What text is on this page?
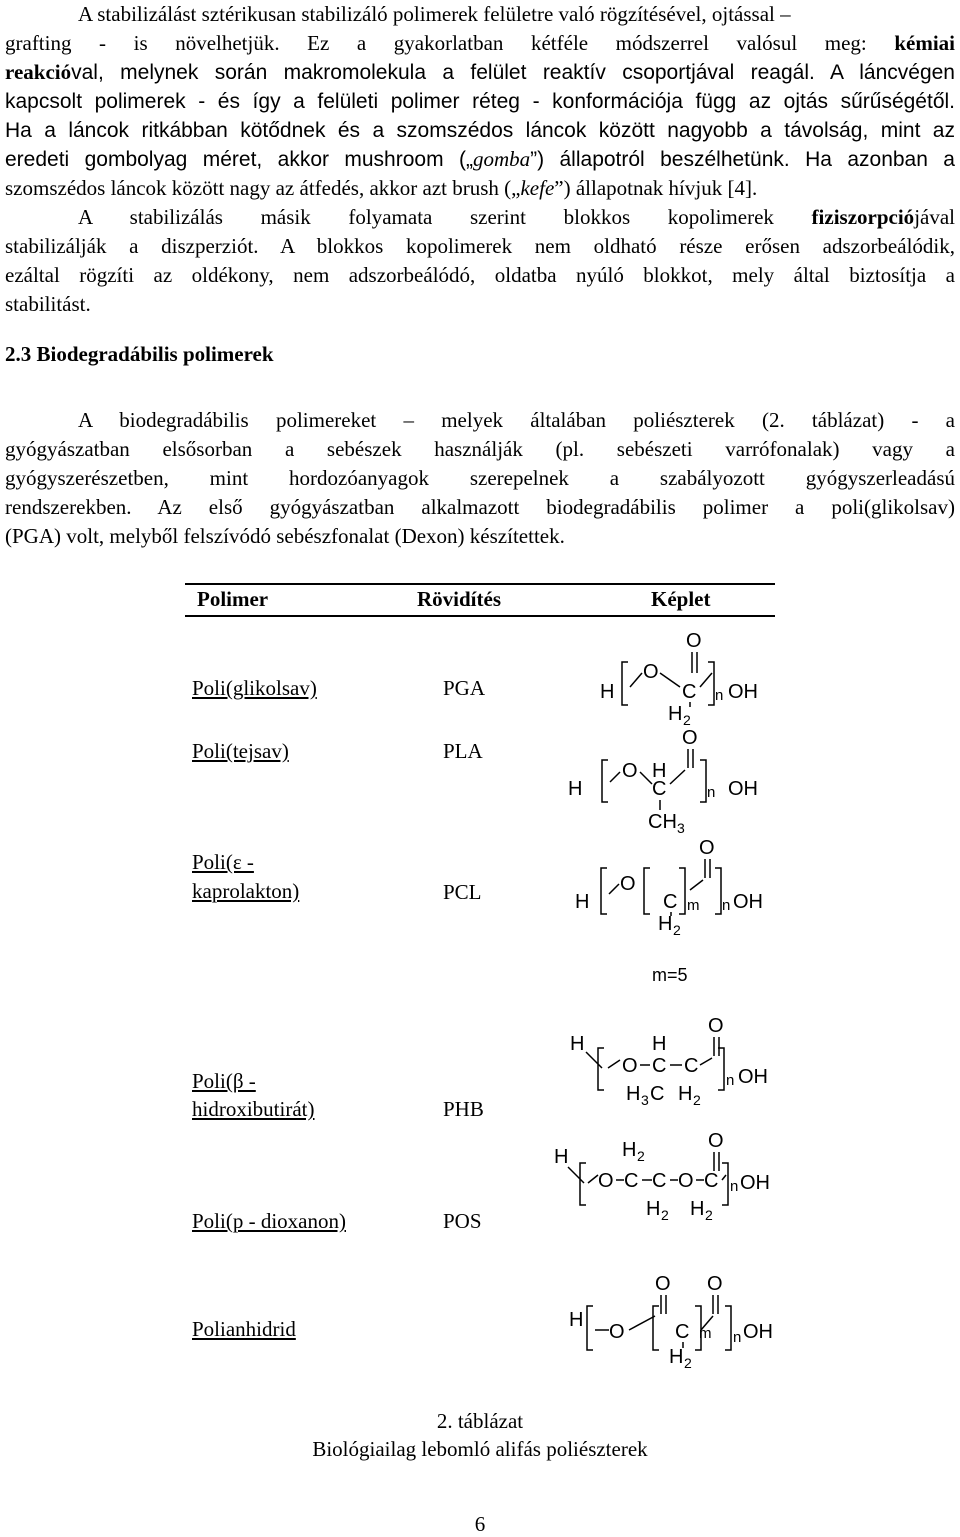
A stabilizálást sztérikusan stabilizáló polimerek felületre való rögzítésével, ojtással –

grafting - is növelhetjük. Ez a gyakorlatban kétféle módszerrel valósul meg: kémiai

reakcióval, melynek során makromolekula a felület reaktív csoportjával reagál. A láncvégen

kapcsolt polimerek - és így a felületi polimer réteg - konformációja függ az ojtás sűrűségétől.

Ha a láncok ritkábban kötődnek és a szomszédos láncok között nagyobb a távolság, mint az

eredeti gombolyag méret, akkor mushroom („gomba”) állapotról beszélhetünk. Ha azonban a

szomszédos láncok között nagy az átfedés, akkor azt brush („kefe”) állapotnak hívjuk [4].

A stabilizálás másik folyamata szerint blokkos kopolimerek fiziszorpciójával

stabilizálják a diszperziót. A blokkos kopolimerek nem oldható része erősen adszorbeálódik,

ezáltal rögzíti az oldékony, nem adszorbeálódó, oldatba nyúló blokkot, mely által biztosítja a

stabilitást.

2.3 Biodegradábilis polimerek

A biodegradábilis polimereket – melyek általában poliészterek (2. táblázat) - a

gyógyászatban elsősorban a sebészek használják (pl. sebészeti varrófonalak) vagy a

gyógyszerészetben, mint hordozóanyagok szerepelnek a szabályozott gyógyszerleadású

rendszerekben. Az első gyógyászatban alkalmazott biodegradábilis polimer a poli(glikolsav)

(PGA) volt, melyből felszívódó sebészfonalat (Dexon) készítettek.

Polimer	Rövidítés	Képlet
Poli(glikolsav)	PGA
O
H
O
C
H 2
n OH
Poli(tejsav)	PLA
O
H
O H
C	n OH
CH 3
Poli(ε -
kaprolakton)	PCL
O
H
O
C
H 2
m n OH
m=5
Poli(β -
hidroxibutirát)	PHB
O
H
O
H
C C
H 3 C H 2
n OH
Poli(p - dioxanon)	POS
O
H
O C
H 2
C O C
H 2 H 2
n OH
Polianhidrid
O O
H
O	C
H 2
m n OH
2. táblázat
Biológiailag lebomló alifás poliészterek
6
